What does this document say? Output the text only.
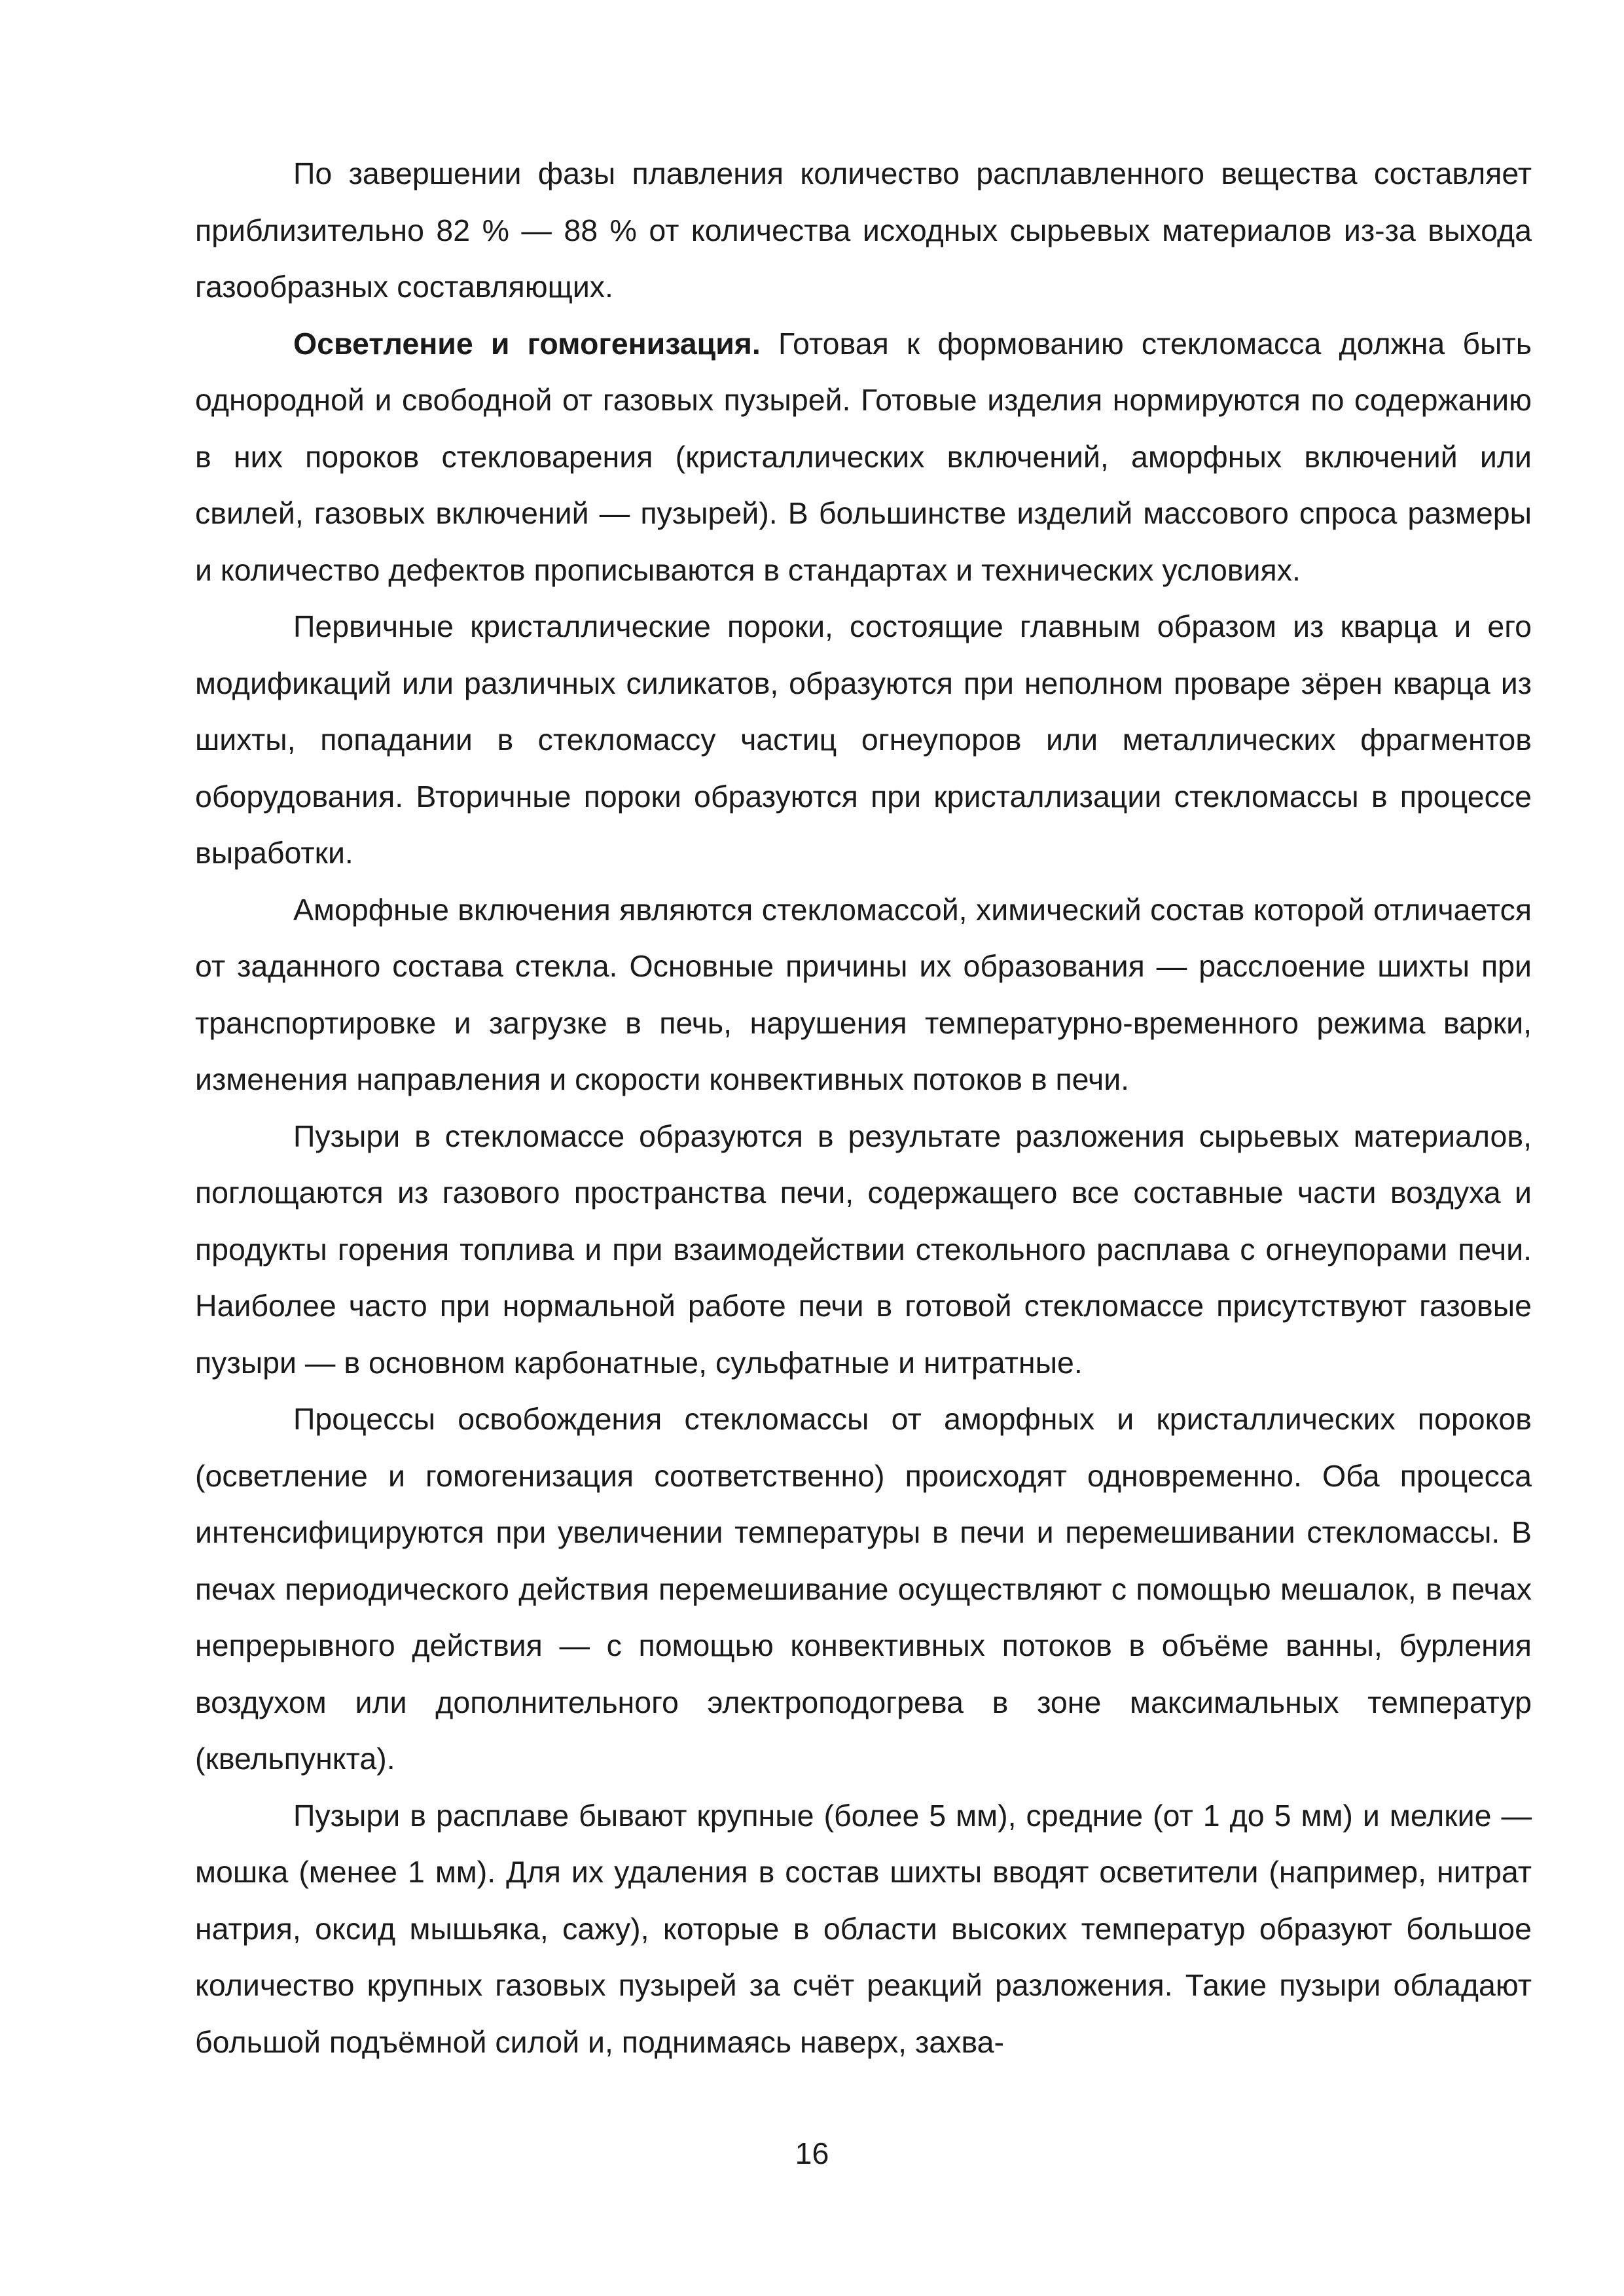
По завершении фазы плавления количество расплавленного вещества составляет приблизительно 82 % — 88 % от количества исходных сырьевых материалов из-за выхода газообразных составляющих.

Осветление и гомогенизация. Готовая к формованию стекломасса должна быть однородной и свободной от газовых пузырей. Готовые изделия нормируются по содержанию в них пороков стекловарения (кристаллических включений, аморфных включений или свилей, газовых включений — пузырей). В большинстве изделий массового спроса размеры и количество дефектов прописываются в стандартах и технических условиях.

Первичные кристаллические пороки, состоящие главным образом из кварца и его модификаций или различных силикатов, образуются при неполном проваре зёрен кварца из шихты, попадании в стекломассу частиц огнеупоров или металлических фрагментов оборудования. Вторичные пороки образуются при кристаллизации стекломассы в процессе выработки.

Аморфные включения являются стекломассой, химический состав которой отличается от заданного состава стекла. Основные причины их образования — расслоение шихты при транспортировке и загрузке в печь, нарушения температурно-временного режима варки, изменения направления и скорости конвективных потоков в печи.

Пузыри в стекломассе образуются в результате разложения сырьевых материалов, поглощаются из газового пространства печи, содержащего все составные части воздуха и продукты горения топлива и при взаимодействии стекольного расплава с огнеупорами печи. Наиболее часто при нормальной работе печи в готовой стекломассе присутствуют газовые пузыри — в основном карбонатные, сульфатные и нитратные.

Процессы освобождения стекломассы от аморфных и кристаллических пороков (осветление и гомогенизация соответственно) происходят одновременно. Оба процесса интенсифицируются при увеличении температуры в печи и перемешивании стекломассы. В печах периодического действия перемешивание осуществляют с помощью мешалок, в печах непрерывного действия — с помощью конвективных потоков в объёме ванны, бурления воздухом или дополнительного электроподогрева в зоне максимальных температур (квельпункта).

Пузыри в расплаве бывают крупные (более 5 мм), средние (от 1 до 5 мм) и мелкие — мошка (менее 1 мм). Для их удаления в состав шихты вводят осветители (например, нитрат натрия, оксид мышьяка, сажу), которые в области высоких температур образуют большое количество крупных газовых пузырей за счёт реакций разложения. Такие пузыри обладают большой подъёмной силой и, поднимаясь наверх, захва-

16
